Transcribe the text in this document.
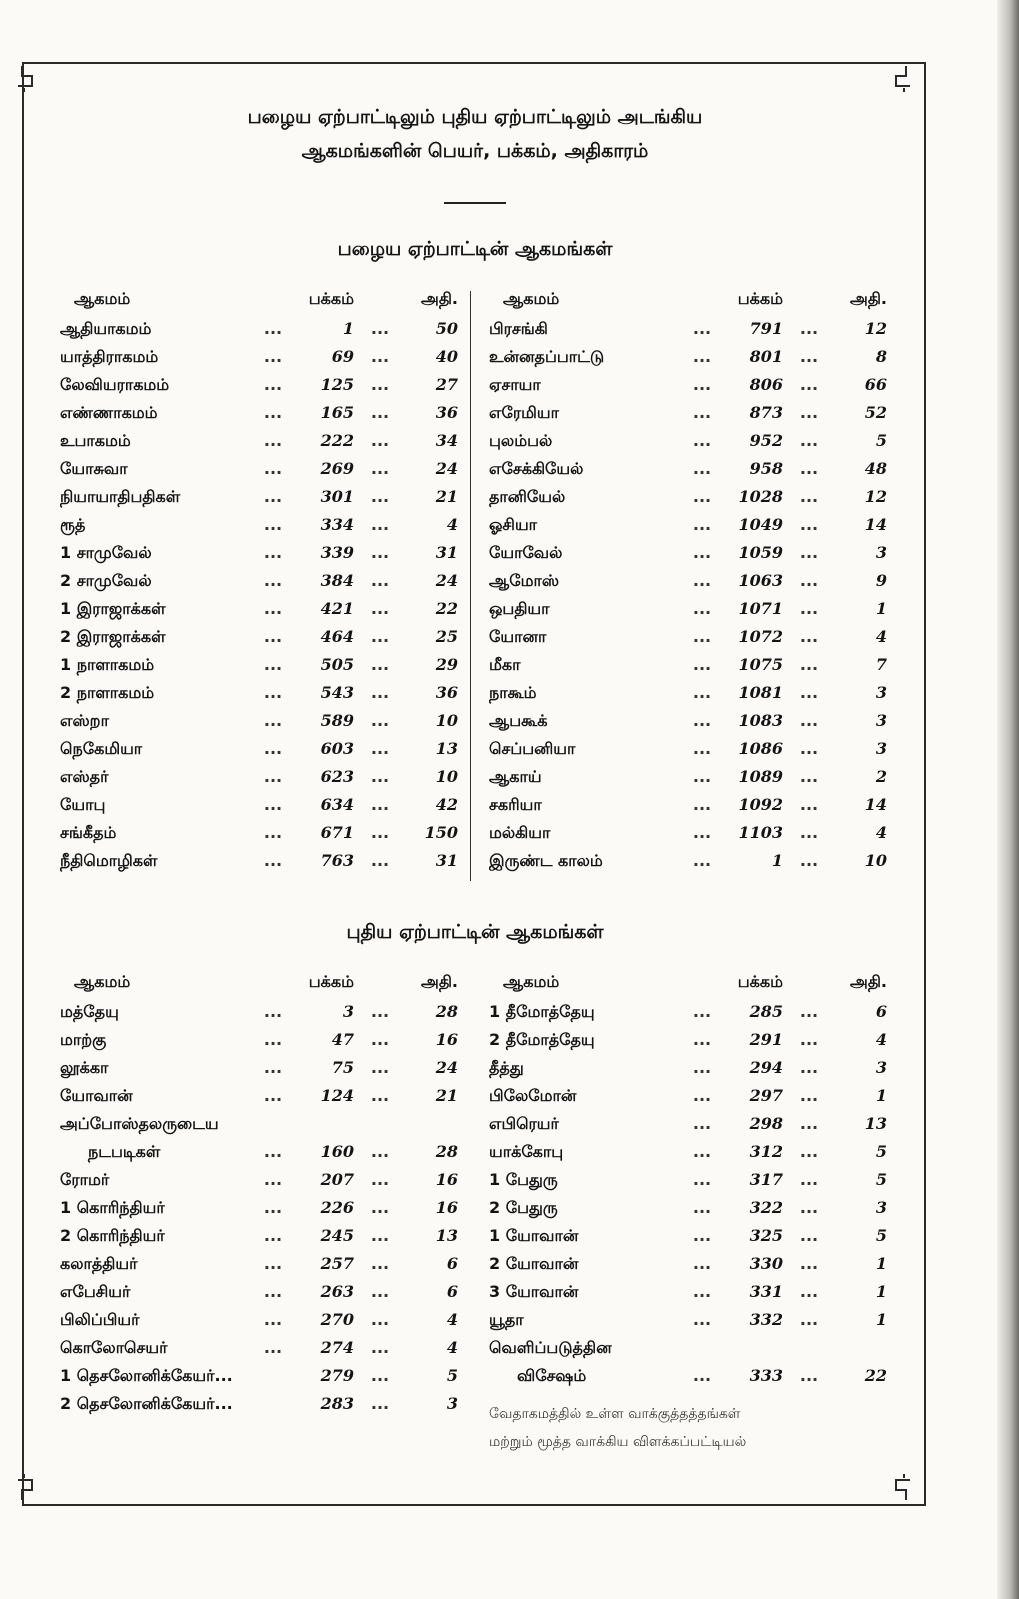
பழைய ஏற்பாட்டிலும் புதிய ஏற்பாட்டிலும் அடங்கிய
ஆகமங்களின் பெயர், பக்கம், அதிகாரம்
பழைய ஏற்பாட்டின் ஆகமங்கள்
ஆகமம்	பக்கம்	அதி.
ஆதியாகமம்	...	1	...	50
யாத்திராகமம்	...	69	...	40
லேவியராகமம்	...	125	...	27
எண்ணாகமம்	...	165	...	36
உபாகமம்	...	222	...	34
யோசுவா	...	269	...	24
நியாயாதிபதிகள்	...	301	...	21
ரூத்	...	334	...	4
1 சாமுவேல்	...	339	...	31
2 சாமுவேல்	...	384	...	24
1 இராஜாக்கள்	...	421	...	22
2 இராஜாக்கள்	...	464	...	25
1 நாளாகமம்	...	505	...	29
2 நாளாகமம்	...	543	...	36
எஸ்றா	...	589	...	10
நெகேமியா	...	603	...	13
எஸ்தர்	...	623	...	10
யோபு	...	634	...	42
சங்கீதம்	...	671	...	150
நீதிமொழிகள்	...	763	...	31
ஆகமம்	பக்கம்	அதி.
பிரசங்கி	...	791	...	12
உன்னதப்பாட்டு	...	801	...	8
ஏசாயா	...	806	...	66
எரேமியா	...	873	...	52
புலம்பல்	...	952	...	5
எசேக்கியேல்	...	958	...	48
தானியேல்	...	1028	...	12
ஓசியா	...	1049	...	14
யோவேல்	...	1059	...	3
ஆமோஸ்	...	1063	...	9
ஒபதியா	...	1071	...	1
யோனா	...	1072	...	4
மீகா	...	1075	...	7
நாகூம்	...	1081	...	3
ஆபகூக்	...	1083	...	3
செப்பனியா	...	1086	...	3
ஆகாய்	...	1089	...	2
சகரியா	...	1092	...	14
மல்கியா	...	1103	...	4
இருண்ட காலம்	...	1	...	10
புதிய ஏற்பாட்டின் ஆகமங்கள்
ஆகமம்	பக்கம்	அதி.
மத்தேயு	...	3	...	28
மாற்கு	...	47	...	16
லூக்கா	...	75	...	24
யோவான்	...	124	...	21
அப்போஸ்தலருடைய
நடபடிகள்	...	160	...	28
ரோமர்	...	207	...	16
1 கொரிந்தியர்	...	226	...	16
2 கொரிந்தியர்	...	245	...	13
கலாத்தியர்	...	257	...	6
எபேசியர்	...	263	...	6
பிலிப்பியர்	...	270	...	4
கொலோசெயர்	...	274	...	4
1 தெசலோனிக்கேயர்...	279	...	5
2 தெசலோனிக்கேயர்...	283	...	3
ஆகமம்	பக்கம்	அதி.
1 தீமோத்தேயு	...	285	...	6
2 தீமோத்தேயு	...	291	...	4
தீத்து	...	294	...	3
பிலேமோன்	...	297	...	1
எபிரெயர்	...	298	...	13
யாக்கோபு	...	312	...	5
1 பேதுரு	...	317	...	5
2 பேதுரு	...	322	...	3
1 யோவான்	...	325	...	5
2 யோவான்	...	330	...	1
3 யோவான்	...	331	...	1
யூதா	...	332	...	1
வெளிப்படுத்தின
விசேஷம்	...	333	...	22
வேதாகமத்தில் உள்ள வாக்குத்தத்தங்கள்
மற்றும் மூத்த வாக்கிய விளக்கப்பட்டியல்
